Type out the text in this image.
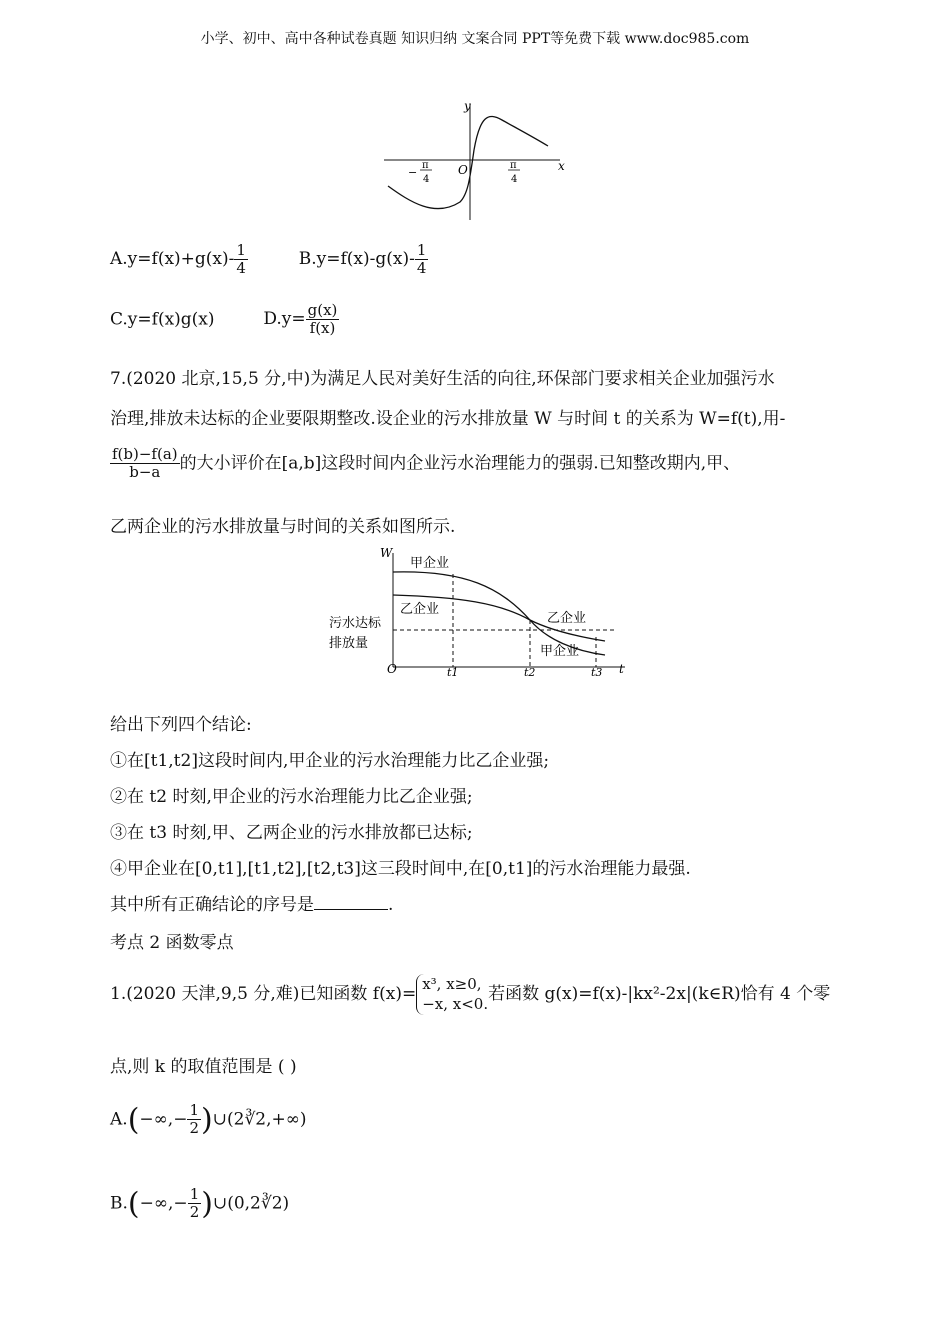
小学、初中、高中各种试卷真题 知识归纳 文案合同 PPT等免费下载 www.doc985.com
y
x
O
−
π
4
π
4
$A.y=f(x)+g(x)- \frac{1}{4}$	$B.y=f(x)-g(x)- \frac{1}{4}$
C.y=f(x)g(x)	$D.y= \frac{g(x)}{f(x)}$
7.(2020 北京,15,5 分,中)为满足人民对美好生活的向往,环保部门要求相关企业加强污水
治理,排放未达标的企业要限期整改.设企业的污水排放量 W 与时间 t 的关系为 W=f(t),用-
$\frac{f(b)-f(a)}{b-a}$ 的大小评价在[a,b]这段时间内企业污水治理能力的强弱.已知整改期内,甲、
乙两企业的污水排放量与时间的关系如图所示.
W
t
O
污水达标
排放量
甲企业
乙企业
乙企业
甲企业
t1	t2	t3
给出下列四个结论:
①在[t1,t2]这段时间内,甲企业的污水治理能力比乙企业强;
②在 t2 时刻,甲企业的污水治理能力比乙企业强;
③在 t3 时刻,甲、乙两企业的污水排放都已达标;
④甲企业在[0,t1],[t1,t2],[t2,t3]这三段时间中,在[0,t1]的污水治理能力最强.
其中所有正确结论的序号是	.
考点 2 函数零点
1.(2020 天津,9,5 分,难)已知函数 f(x)= x³, x≥0,
−x, x<0.
若函数 g(x)=f(x)-|kx²-2x|(k∈R)恰有 4 个零
点,则 k 的取值范围是 ( )
$A.(-\infty,- \frac{1}{2}$ )∪(2∛2,+∞)
$B.(-\infty,- \frac{1}{2}$ )∪(0,2∛2)
